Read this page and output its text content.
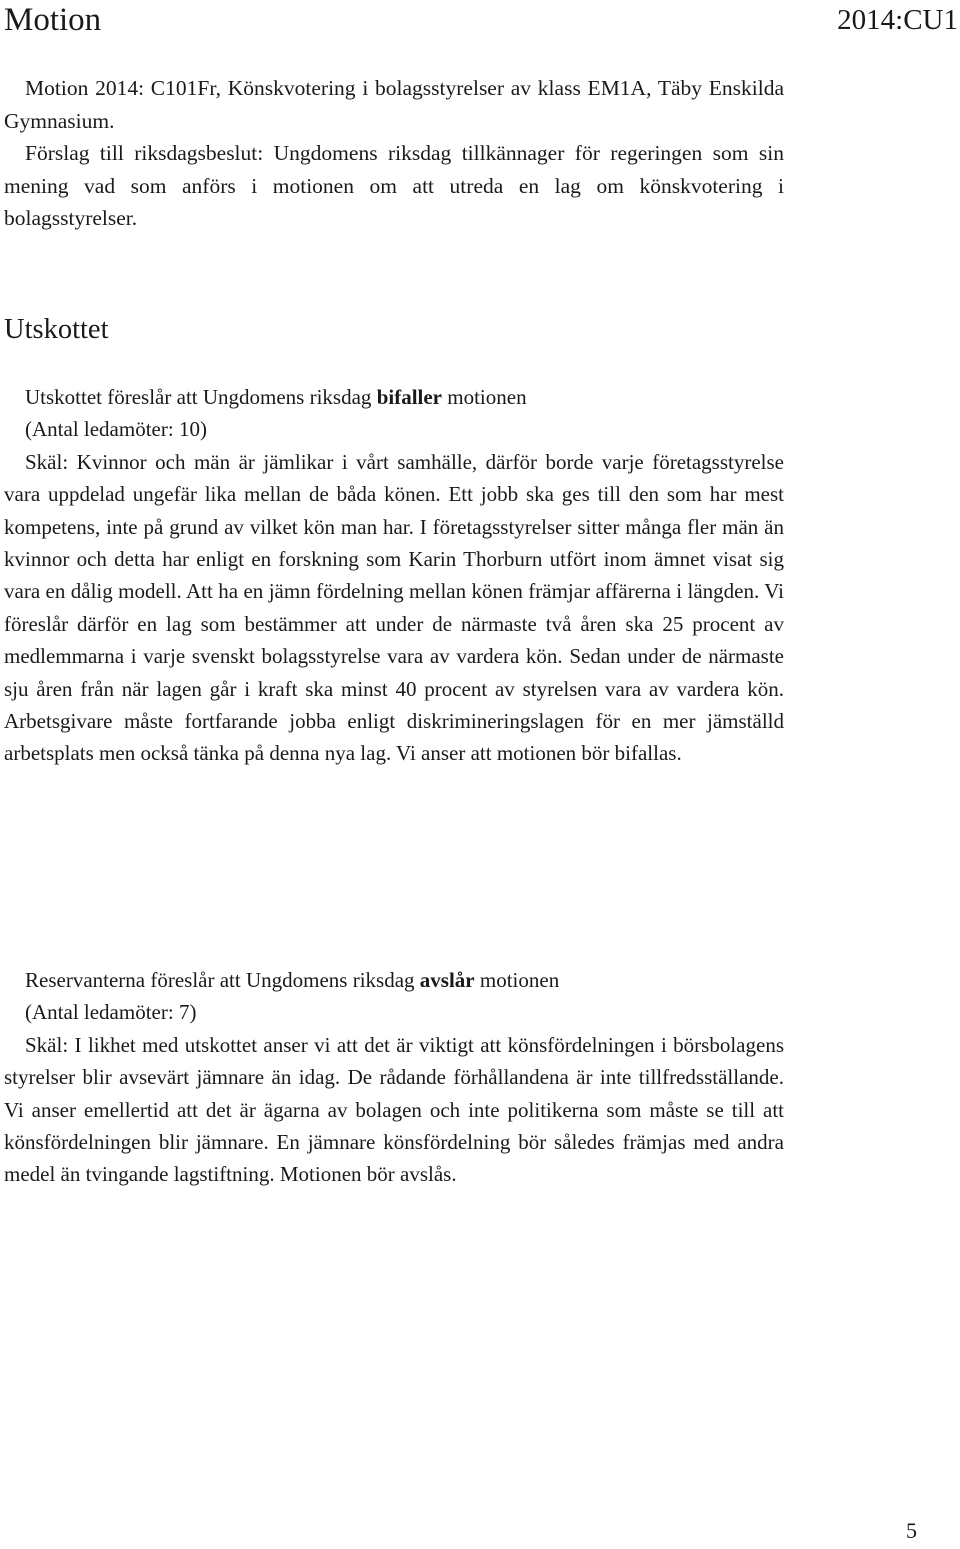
Motion	2014:CU1

Motion 2014: C101Fr, Könskvotering i bolagsstyrelser av klass EM1A, Täby Enskilda Gymnasium.

Förslag till riksdagsbeslut: Ungdomens riksdag tillkännager för regeringen som sin mening vad som anförs i motionen om att utreda en lag om könskvotering i bolagsstyrelser.

Utskottet

Utskottet föreslår att Ungdomens riksdag bifaller motionen

(Antal ledamöter: 10)

Skäl: Kvinnor och män är jämlikar i vårt samhälle, därför borde varje företagsstyrelse vara uppdelad ungefär lika mellan de båda könen. Ett jobb ska ges till den som har mest kompetens, inte på grund av vilket kön man har. I företagsstyrelser sitter många fler män än kvinnor och detta har enligt en forskning som Karin Thorburn utfört inom ämnet visat sig vara en dålig modell. Att ha en jämn fördelning mellan könen främjar affärerna i längden. Vi föreslår därför en lag som bestämmer att under de närmaste två åren ska 25 procent av medlemmarna i varje svenskt bolagsstyrelse vara av vardera kön. Sedan under de närmaste sju åren från när lagen går i kraft ska minst 40 procent av styrelsen vara av vardera kön. Arbetsgivare måste fortfarande jobba enligt diskrimineringslagen för en mer jämställd arbetsplats men också tänka på denna nya lag. Vi anser att motionen bör bifallas.

Reservanterna föreslår att Ungdomens riksdag avslår motionen

(Antal ledamöter: 7)

Skäl: I likhet med utskottet anser vi att det är viktigt att könsfördelningen i börsbolagens styrelser blir avsevärt jämnare än idag. De rådande förhållandena är inte tillfredsställande. Vi anser emellertid att det är ägarna av bolagen och inte politikerna som måste se till att könsfördelningen blir jämnare. En jämnare könsfördelning bör således främjas med andra medel än tvingande lagstiftning. Motionen bör avslås.

5
